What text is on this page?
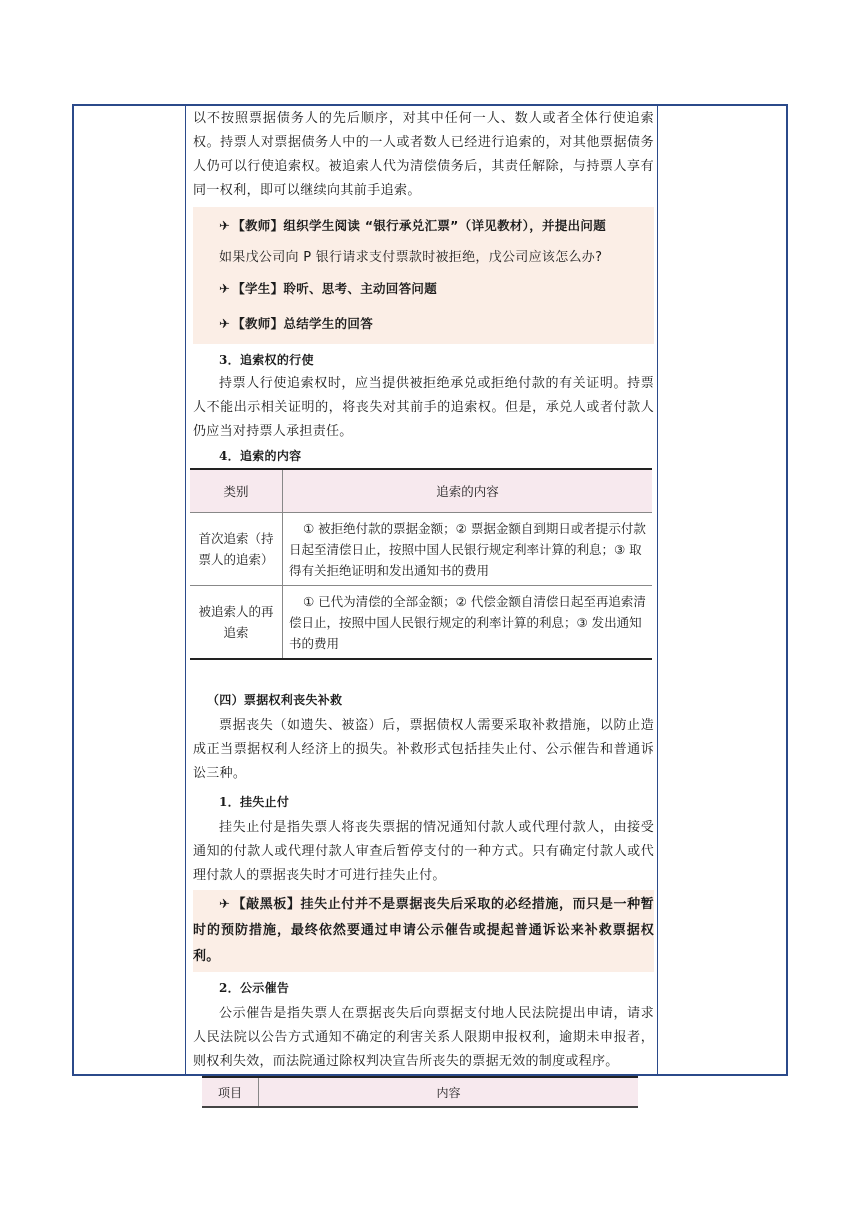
以不按照票据债务人的先后顺序，对其中任何一人、数人或者全体行使追索权。持票人对票据债务人中的一人或者数人已经进行追索的，对其他票据债务人仍可以行使追索权。被追索人代为清偿债务后，其责任解除，与持票人享有同一权利，即可以继续向其前手追索。

✈ 【教师】组织学生阅读 “银行承兑汇票”（详见教材），并提出问题

如果戊公司向 P 银行请求支付票款时被拒绝，戊公司应该怎么办?

✈ 【学生】聆听、思考、主动回答问题

✈ 【教师】总结学生的回答

3．追索权的行使

持票人行使追索权时，应当提供被拒绝承兑或拒绝付款的有关证明。持票人不能出示相关证明的，将丧失对其前手的追索权。但是，承兑人或者付款人仍应当对持票人承担责任。

4．追索的内容

类别	追索的内容
首次追索（持票人的追索）	① 被拒绝付款的票据金额；② 票据金额自到期日或者提示付款日起至清偿日止，按照中国人民银行规定利率计算的利息；③ 取得有关拒绝证明和发出通知书的费用
被追索人的再追索	① 已代为清偿的全部金额；② 代偿金额自清偿日起至再追索清偿日止，按照中国人民银行规定的利率计算的利息；③ 发出通知书的费用

（四）票据权利丧失补救

票据丧失（如遗失、被盗）后，票据债权人需要采取补救措施，以防止造成正当票据权利人经济上的损失。补救形式包括挂失止付、公示催告和普通诉讼三种。

1．挂失止付

挂失止付是指失票人将丧失票据的情况通知付款人或代理付款人，由接受通知的付款人或代理付款人审查后暂停支付的一种方式。只有确定付款人或代理付款人的票据丧失时才可进行挂失止付。

✈ 【敲黑板】挂失止付并不是票据丧失后采取的必经措施，而只是一种暂时的预防措施，最终依然要通过申请公示催告或提起普通诉讼来补救票据权利。

2．公示催告

公示催告是指失票人在票据丧失后向票据支付地人民法院提出申请，请求人民法院以公告方式通知不确定的利害关系人限期申报权利，逾期未申报者，则权利失效，而法院通过除权判决宣告所丧失的票据无效的制度或程序。

项目	内容
